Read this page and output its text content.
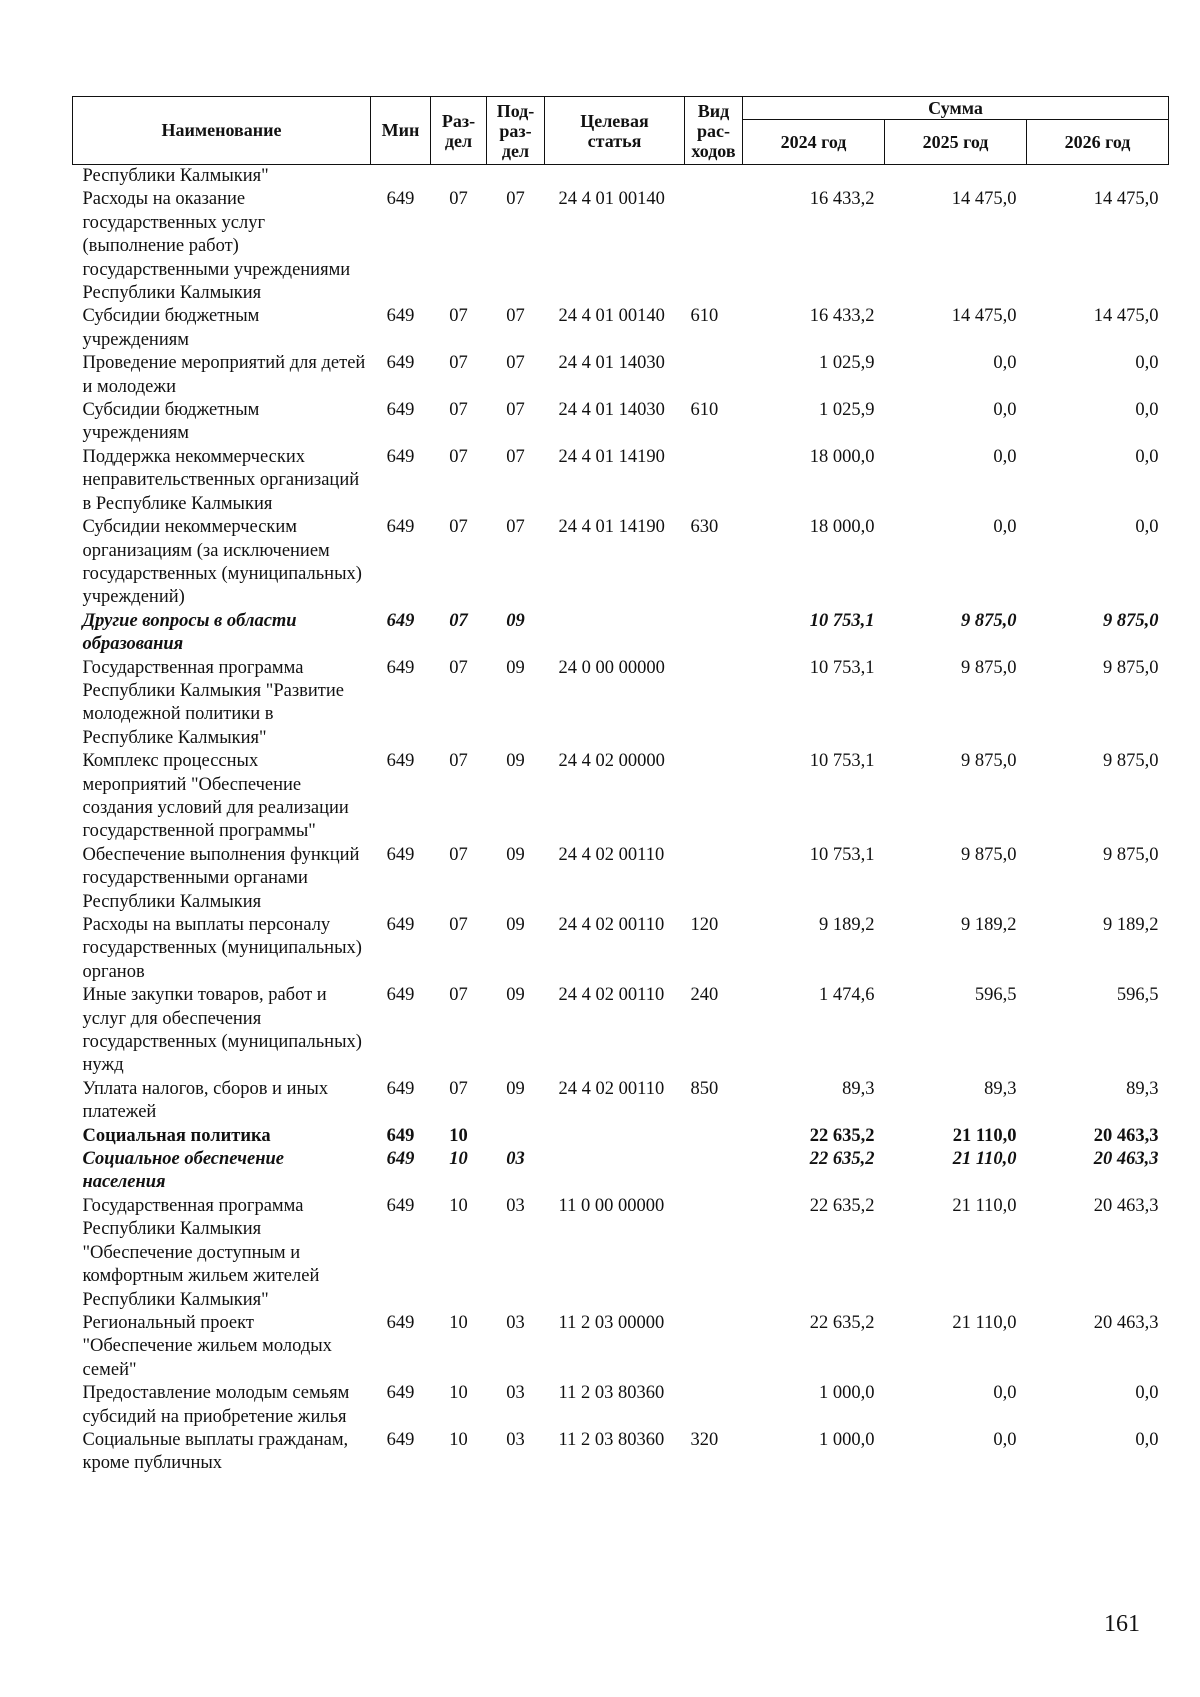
Наименование	Мин	Раз-
дел	Под-
раз-
дел	Целевая
статья	Вид
рас-
ходов	Сумма		
						2024 год	2025 год	2026 год
Республики Калмыкия"								
Расходы на оказание государственных услуг (выполнение работ) государственными учреждениями Республики Калмыкия	649	07	07	24 4 01 00140		16 433,2	14 475,0	14 475,0
Субсидии бюджетным учреждениям	649	07	07	24 4 01 00140	610	16 433,2	14 475,0	14 475,0
Проведение мероприятий для детей и молодежи	649	07	07	24 4 01 14030		1 025,9	0,0	0,0
Субсидии бюджетным учреждениям	649	07	07	24 4 01 14030	610	1 025,9	0,0	0,0
Поддержка некоммерческих неправительственных организаций в Республике Калмыкия	649	07	07	24 4 01 14190		18 000,0	0,0	0,0
Субсидии некоммерческим организациям (за исключением государственных (муниципальных) учреждений)	649	07	07	24 4 01 14190	630	18 000,0	0,0	0,0
Другие вопросы в области образования	649	07	09			10 753,1	9 875,0	9 875,0
Государственная программа Республики Калмыкия "Развитие молодежной политики в Республике Калмыкия"	649	07	09	24 0 00 00000		10 753,1	9 875,0	9 875,0
Комплекс процессных мероприятий "Обеспечение создания условий для реализации государственной программы"	649	07	09	24 4 02 00000		10 753,1	9 875,0	9 875,0
Обеспечение выполнения функций государственными органами Республики Калмыкия	649	07	09	24 4 02 00110		10 753,1	9 875,0	9 875,0
Расходы на выплаты персоналу государственных (муниципальных) органов	649	07	09	24 4 02 00110	120	9 189,2	9 189,2	9 189,2
Иные закупки товаров, работ и услуг для обеспечения государственных (муниципальных) нужд	649	07	09	24 4 02 00110	240	1 474,6	596,5	596,5
Уплата налогов, сборов и иных платежей	649	07	09	24 4 02 00110	850	89,3	89,3	89,3
Социальная политика	649	10				22 635,2	21 110,0	20 463,3
Социальное обеспечение населения	649	10	03			22 635,2	21 110,0	20 463,3
Государственная программа Республики Калмыкия "Обеспечение доступным и комфортным жильем жителей Республики Калмыкия"	649	10	03	11 0 00 00000		22 635,2	21 110,0	20 463,3
Региональный проект "Обеспечение жильем молодых семей"	649	10	03	11 2 03 00000		22 635,2	21 110,0	20 463,3
Предоставление молодым семьям субсидий на приобретение жилья	649	10	03	11 2 03 80360		1 000,0	0,0	0,0
Социальные выплаты гражданам, кроме публичных	649	10	03	11 2 03 80360	320	1 000,0	0,0	0,0
161
